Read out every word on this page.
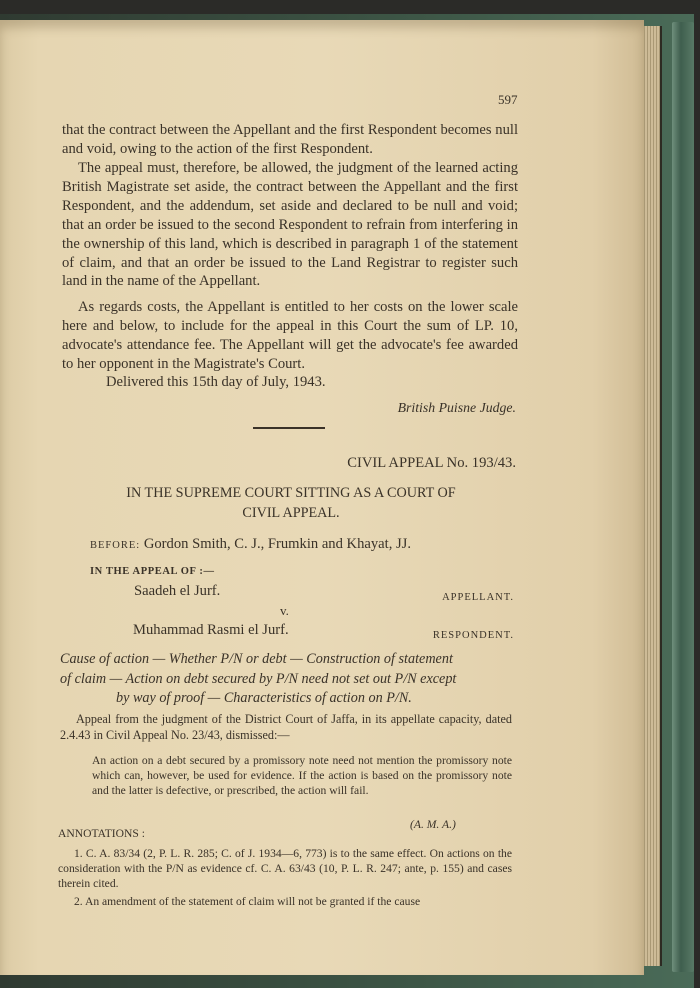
597
that the contract between the Appellant and the first Respondent becomes null and void, owing to the action of the first Respondent.
The appeal must, therefore, be allowed, the judgment of the learned acting British Magistrate set aside, the contract between the Appellant and the first Respondent, and the addendum, set aside and declared to be null and void; that an order be issued to the second Respondent to refrain from interfering in the ownership of this land, which is described in paragraph 1 of the statement of claim, and that an order be issued to the Land Registrar to register such land in the name of the Appellant.
As regards costs, the Appellant is entitled to her costs on the lower scale here and below, to include for the appeal in this Court the sum of LP. 10, advocate's attendance fee. The Appellant will get the advocate's fee awarded to her opponent in the Magistrate's Court.
Delivered this 15th day of July, 1943.
British Puisne Judge.
CIVIL APPEAL No. 193/43.
IN THE SUPREME COURT SITTING AS A COURT OF
CIVIL APPEAL.
BEFORE: Gordon Smith, C. J., Frumkin and Khayat, JJ.
IN THE APPEAL OF :—
Saadeh el Jurf.	APPELLANT.
v.
Muhammad Rasmi el Jurf.	RESPONDENT.
Cause of action — Whether P/N or debt — Construction of statement
of claim — Action on debt secured by P/N need not set out P/N except
by way of proof — Characteristics of action on P/N.
Appeal from the judgment of the District Court of Jaffa, in its appellate capacity, dated 2.4.43 in Civil Appeal No. 23/43, dismissed:—
An action on a debt secured by a promissory note need not mention the promissory note which can, however, be used for evidence. If the action is based on the promissory note and the latter is defective, or prescribed, the action will fail.
(A. M. A.)
ANNOTATIONS :
1. C. A. 83/34 (2, P. L. R. 285; C. of J. 1934—6, 773) is to the same effect. On actions on the consideration with the P/N as evidence cf. C. A. 63/43 (10, P. L. R. 247; ante, p. 155) and cases therein cited.
2. An amendment of the statement of claim will not be granted if the cause
